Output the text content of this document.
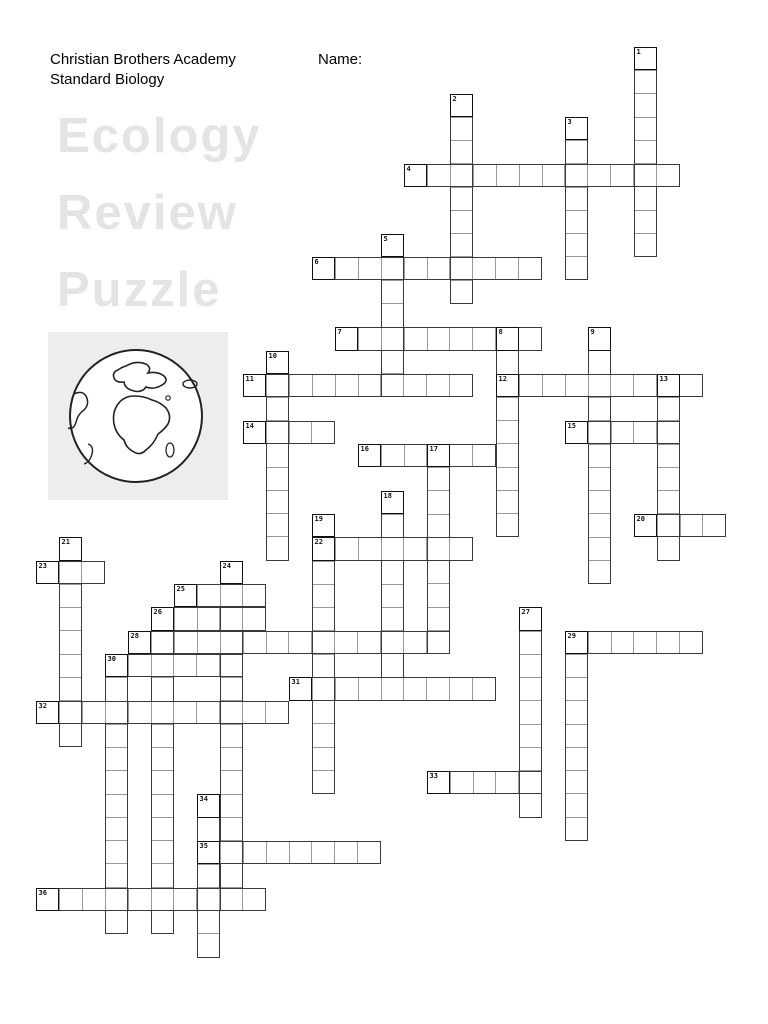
Christian Brothers Academy
Standard Biology
Name:
Ecology
Review
Puzzle
1
2
3
4
5
6
7	8	9
10
11	12	13
14	15
16	17
18
19	20
21	22
23	24
25
26	27
28	29
30
31
32
33
34
35
36
